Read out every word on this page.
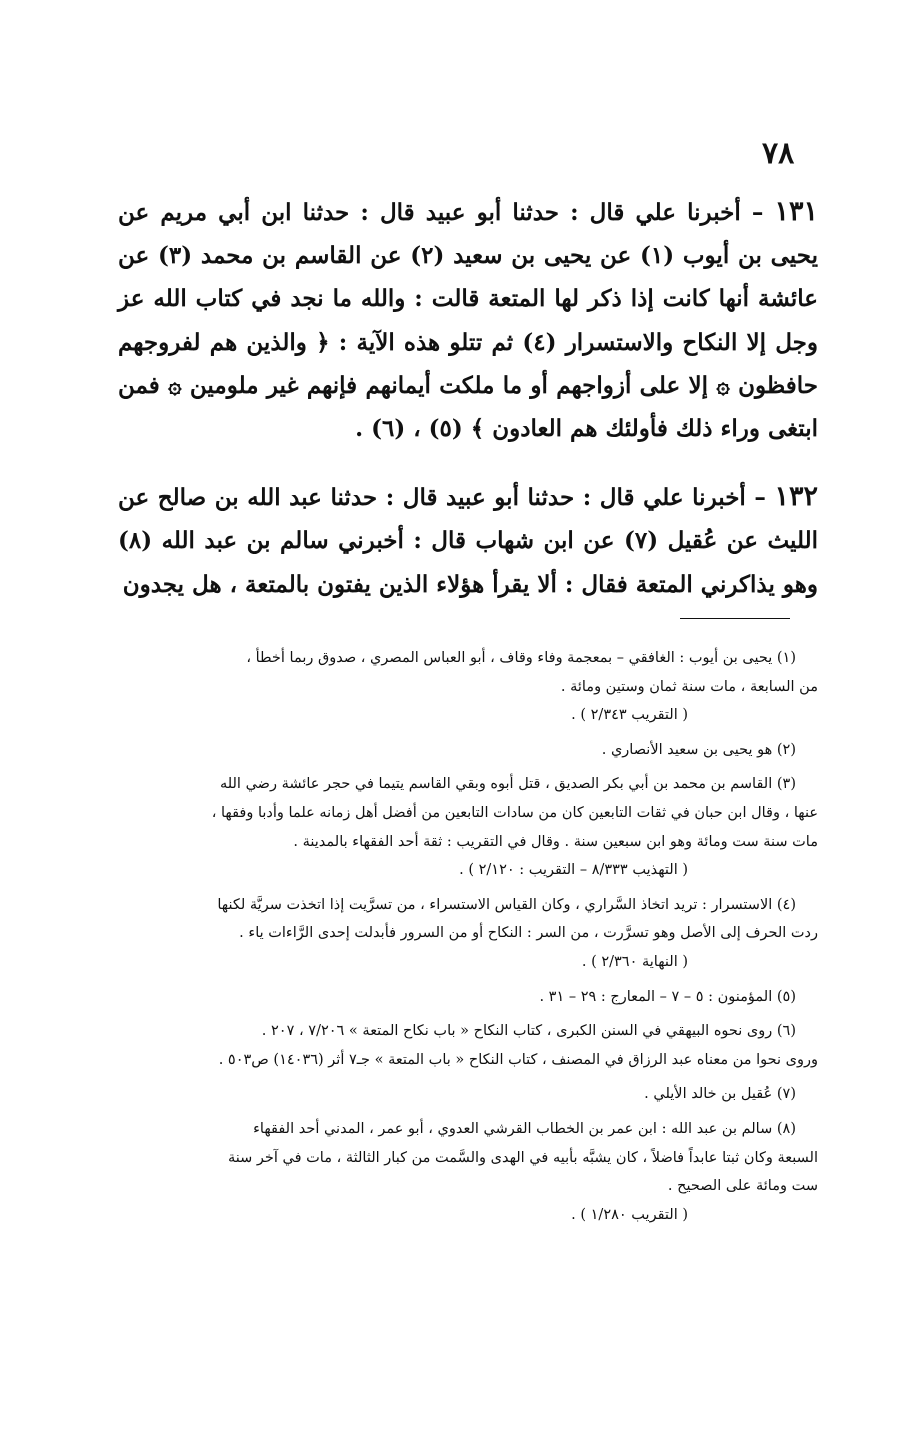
٧٨

١٣١ – أخبرنا علي قال : حدثنا أبو عبيد قال : حدثنا ابن أبي مريم عن يحيى بن أيوب (١) عن يحيى بن سعيد (٢) عن القاسم بن محمد (٣) عن عائشة أنها كانت إذا ذكر لها المتعة قالت : والله ما نجد في كتاب الله عز وجل إلا النكاح والاستسرار (٤) ثم تتلو هذه الآية : ﴿ والذين هم لفروجهم حافظون ۞ إلا على أزواجهم أو ما ملكت أيمانهم فإنهم غير ملومين ۞ فمن ابتغى وراء ذلك فأولئك هم العادون ﴾ (٥) ، (٦) .

١٣٢ – أخبرنا علي قال : حدثنا أبو عبيد قال : حدثنا عبد الله بن صالح عن الليث عن عُقيل (٧) عن ابن شهاب قال : أخبرني سالم بن عبد الله (٨) وهو يذاكرني المتعة فقال : ألا يقرأ هؤلاء الذين يفتون بالمتعة ، هل يجدون

(١) يحيى بن أيوب : الغافقي – بمعجمة وفاء وقاف ، أبو العباس المصري ، صدوق ربما أخطأ ،
من السابعة ، مات سنة ثمان وستين ومائة .
( التقريب ٢/٣٤٣ ) .
(٢) هو يحيى بن سعيد الأنصاري .
(٣) القاسم بن محمد بن أبي بكر الصديق ، قتل أبوه وبقي القاسم يتيما في حجر عائشة رضي الله
عنها ، وقال ابن حبان في ثقات التابعين كان من سادات التابعين من أفضل أهل زمانه علما وأدبا وفقها ،
مات سنة ست ومائة وهو ابن سبعين سنة . وقال في التقريب : ثقة أحد الفقهاء بالمدينة .
( التهذيب ٨/٣٣٣ – التقريب : ٢/١٢٠ ) .
(٤) الاستسرار : تريد اتخاذ السَّراري ، وكان القياس الاستسراء ، من تسرَّيت إذا اتخذت سريَّة لكنها
ردت الحرف إلى الأصل وهو تسرَّرت ، من السر : النكاح أو من السرور فأبدلت إحدى الرَّاءات ياء .
( النهاية ٢/٣٦٠ ) .
(٥) المؤمنون : ٥ – ٧ – المعارج : ٢٩ – ٣١ .
(٦) روى نحوه البيهقي في السنن الكبرى ، كتاب النكاح « باب نكاح المتعة » ٧/٢٠٦ ، ٢٠٧ .
وروى نحوا من معناه عبد الرزاق في المصنف ، كتاب النكاح « باب المتعة » جـ٧ أثر (١٤٠٣٦) ص٥٠٣ .
(٧) عُقيل بن خالد الأيلي .
(٨) سالم بن عبد الله : ابن عمر بن الخطاب القرشي العدوي ، أبو عمر ، المدني أحد الفقهاء
السبعة وكان ثبتا عابداً فاضلاً ، كان يشبَّه بأبيه في الهدى والسَّمت من كبار الثالثة ، مات في آخر سنة
ست ومائة على الصحيح .
( التقريب ١/٢٨٠ ) .
